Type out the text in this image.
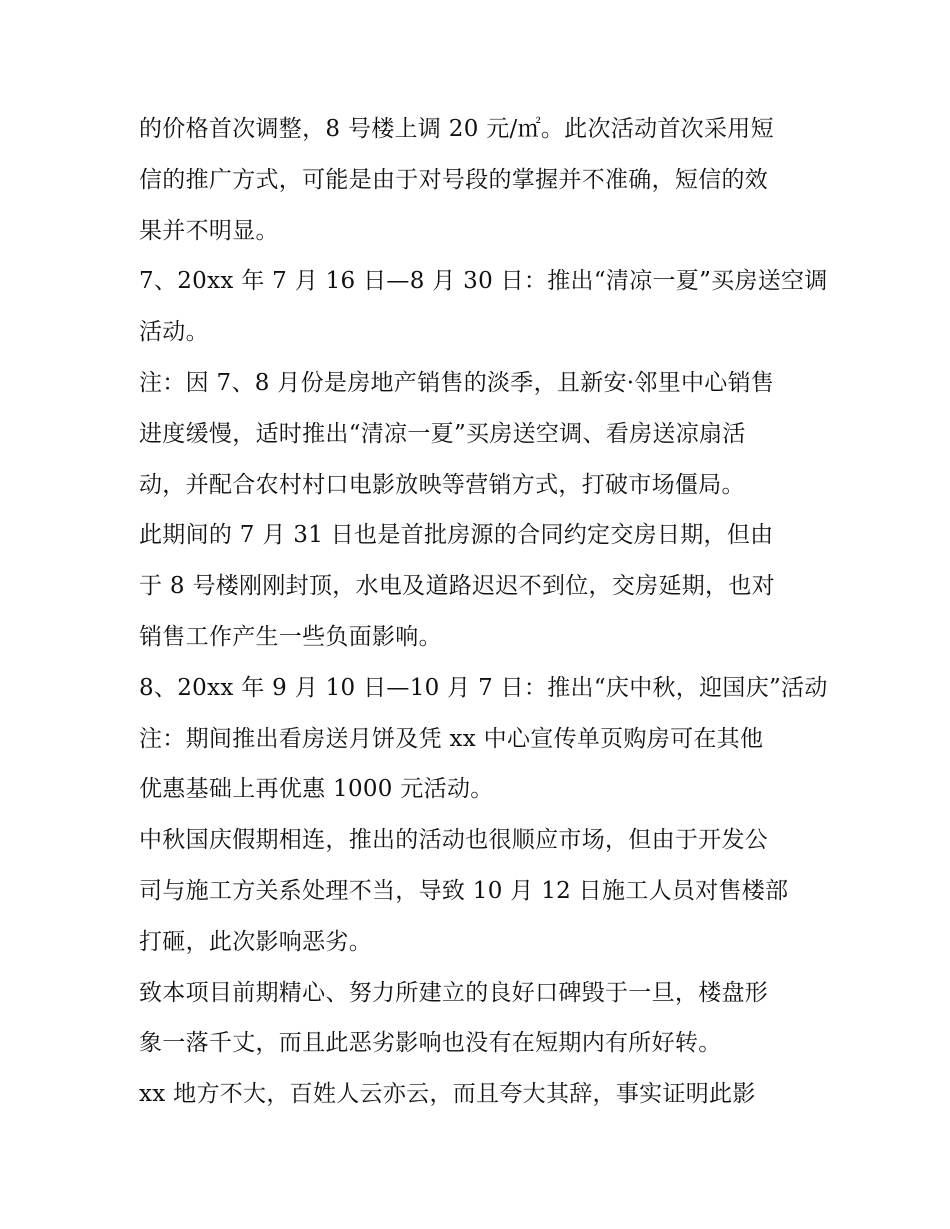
的价格首次调整，8 号楼上调 20 元/㎡。此次活动首次采用短
信的推广方式，可能是由于对号段的掌握并不准确，短信的效
果并不明显。
7、20xx 年 7 月 16 日—8 月 30 日：推出“清凉一夏”买房送空调
活动。
注：因 7、8 月份是房地产销售的淡季，且新安·邻里中心销售
进度缓慢，适时推出“清凉一夏”买房送空调、看房送凉扇活
动，并配合农村村口电影放映等营销方式，打破市场僵局。
此期间的 7 月 31 日也是首批房源的合同约定交房日期，但由
于 8 号楼刚刚封顶，水电及道路迟迟不到位，交房延期，也对
销售工作产生一些负面影响。
8、20xx 年 9 月 10 日—10 月 7 日：推出“庆中秋，迎国庆”活动
注：期间推出看房送月饼及凭 xx 中心宣传单页购房可在其他
优惠基础上再优惠 1000 元活动。
中秋国庆假期相连，推出的活动也很顺应市场，但由于开发公
司与施工方关系处理不当，导致 10 月 12 日施工人员对售楼部
打砸，此次影响恶劣。
致本项目前期精心、努力所建立的良好口碑毁于一旦，楼盘形
象一落千丈，而且此恶劣影响也没有在短期内有所好转。
xx 地方不大，百姓人云亦云，而且夸大其辞，事实证明此影
